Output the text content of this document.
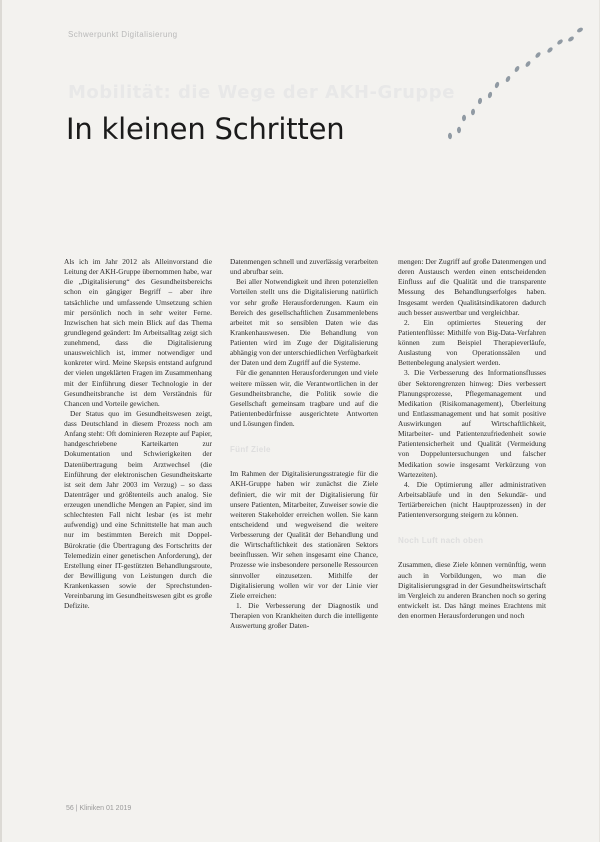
Schwerpunkt Digitalisierung
Mobilität: die Wege der AKH-Gruppe
In kleinen Schritten

Als ich im Jahr 2012 als Alleinvorstand die Leitung der AKH-Gruppe übernommen habe, war die „Digitalisierung“ des Gesundheitsbereichs schon ein gängiger Begriff – aber ihre tatsächliche und umfassende Umsetzung schien mir persönlich noch in sehr weiter Ferne. Inzwischen hat sich mein Blick auf das Thema grundlegend geändert: Im Arbeitsalltag zeigt sich zunehmend, dass die Digitalisierung unausweichlich ist, immer notwendiger und konkreter wird. Meine Skepsis entstand aufgrund der vielen ungeklärten Fragen im Zusammenhang mit der Einführung dieser Technologie in der Gesundheitsbranche ist dem Verständnis für Chancen und Vorteile gewichen.

Der Status quo im Gesundheitswesen zeigt, dass Deutschland in diesem Prozess noch am Anfang steht: Oft dominieren Rezepte auf Papier, handgeschriebene Karteikarten zur Dokumentation und Schwierigkeiten der Datenübertragung beim Arztwechsel (die Einführung der elektronischen Gesundheitskarte ist seit dem Jahr 2003 im Verzug) – so dass Datenträger und größtenteils auch analog. Sie erzeugen unendliche Mengen an Papier, sind im schlechtesten Fall nicht lesbar (es ist mehr aufwendig) und eine Schnittstelle hat man auch nur im bestimmten Bereich mit Doppel-Bürokratie (die Übertragung des Fortschritts der Telemedizin einer genetischen Anforderung), der Erstellung einer IT-gestützten Behandlungsroute, der Bewilligung von Leistungen durch die Krankenkassen sowie der Sprechstunden-Vereinbarung im Gesundheitswesen gibt es große Defizite.

Datenmengen schnell und zuverlässig verarbeiten und abrufbar sein.

Bei aller Notwendigkeit und ihren potenziellen Vorteilen stellt uns die Digitalisierung natürlich vor sehr große Herausforderungen. Kaum ein Bereich des gesellschaftlichen Zusammenlebens arbeitet mit so sensiblen Daten wie das Krankenhauswesen. Die Behandlung von Patienten wird im Zuge der Digitalisierung abhängig von der unterschiedlichen Verfügbarkeit der Daten und dem Zugriff auf die Systeme.

Für die genannten Herausforderungen und viele weitere müssen wir, die Verantwortlichen in der Gesundheitsbranche, die Politik sowie die Gesellschaft gemeinsam tragbare und auf die Patientenbedürfnisse ausgerichtete Antworten und Lösungen finden.

Fünf Ziele

Im Rahmen der Digitalisierungsstrategie für die AKH-Gruppe haben wir zunächst die Ziele definiert, die wir mit der Digitalisierung für unsere Patienten, Mitarbeiter, Zuweiser sowie die weiteren Stakeholder erreichen wollen. Sie kann entscheidend und wegweisend die weitere Verbesserung der Qualität der Behandlung und die Wirtschaftlichkeit des stationären Sektors beeinflussen. Wir sehen insgesamt eine Chance, Prozesse wie insbesondere personelle Ressourcen sinnvoller einzusetzen. Mithilfe der Digitalisierung wollen wir vor der Linie vier Ziele erreichen:

1. Die Verbesserung der Diagnostik und Therapien von Krankheiten durch die intelligente Auswertung großer Daten-

mengen: Der Zugriff auf große Datenmengen und deren Austausch werden einen entscheidenden Einfluss auf die Qualität und die transparente Messung des Behandlungserfolges haben. Insgesamt werden Qualitätsindikatoren dadurch auch besser auswertbar und vergleichbar.

2. Ein optimiertes Steuering der Patientenflüsse: Mithilfe von Big-Data-Verfahren können zum Beispiel Therapieverläufe, Auslastung von Operationssälen und Bettenbelegung analysiert werden.

3. Die Verbesserung des Informationsflusses über Sektorengrenzen hinweg: Dies verbessert Planungsprozesse, Pflegemanagement und Medikation (Risikomanagement), Überleitung und Entlassmanagement und hat somit positive Auswirkungen auf Wirtschaftlichkeit, Mitarbeiter- und Patientenzufriedenheit sowie Patientensicherheit und Qualität (Vermeidung von Doppeluntersuchungen und falscher Medikation sowie insgesamt Verkürzung von Wartezeiten).

4. Die Optimierung aller administrativen Arbeitsabläufe und in den Sekundär- und Tertiärbereichen (nicht Hauptprozessen) in der Patientenversorgung steigern zu können.

Noch Luft nach oben

Zusammen, diese Ziele können vernünftig, wenn auch in Vorbildungen, wo man die Digitalisierungsgrad in der Gesundheitswirtschaft im Vergleich zu anderen Branchen noch so gering entwickelt ist. Das hängt meines Erachtens mit den enormen Herausforderungen und noch

56 | Kliniken 01 2019
